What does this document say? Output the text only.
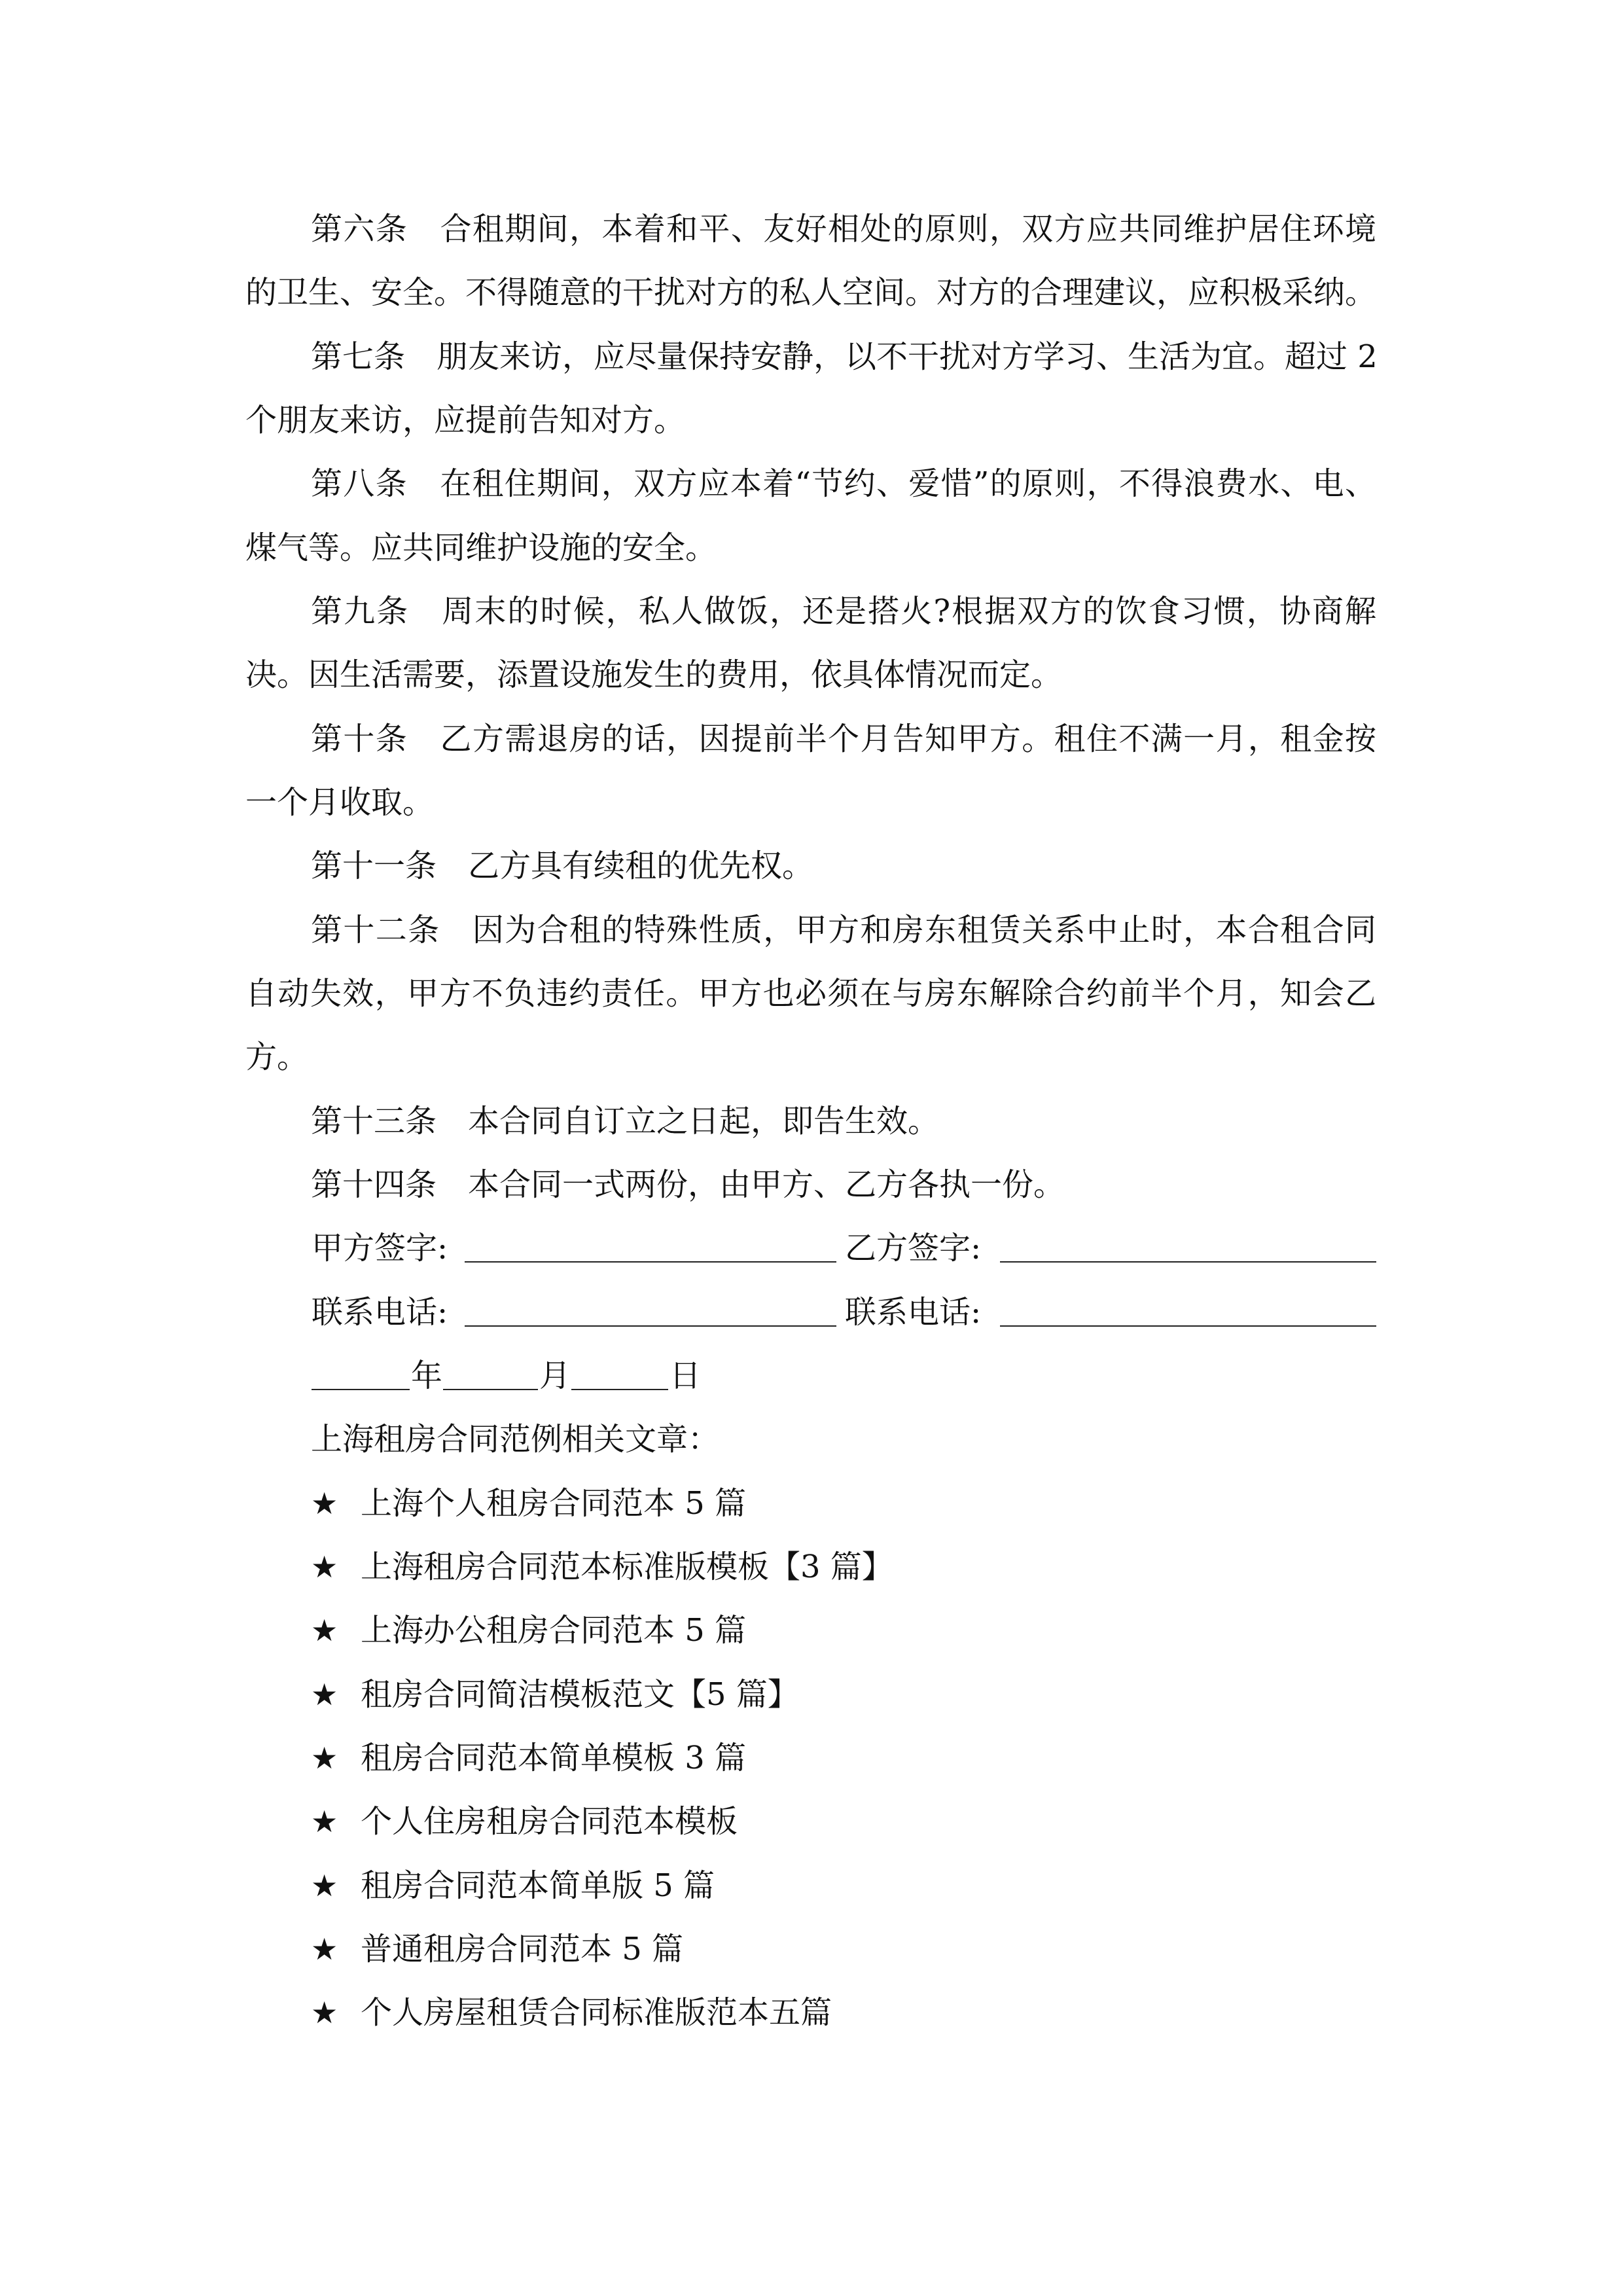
第六条　合租期间，本着和平、友好相处的原则，双方应共同维护居住环境
的卫生、安全。不得随意的干扰对方的私人空间。对方的合理建议，应积极采纳。
第七条　朋友来访，应尽量保持安静，以不干扰对方学习、生活为宜。超过 2
个朋友来访，应提前告知对方。
第八条　在租住期间，双方应本着“节约、爱惜”的原则，不得浪费水、电、
煤气等。应共同维护设施的安全。
第九条　周末的时候，私人做饭，还是搭火?根据双方的饮食习惯，协商解
决。因生活需要，添置设施发生的费用，依具体情况而定。
第十条　乙方需退房的话，因提前半个月告知甲方。租住不满一月，租金按
一个月收取。
第十一条　乙方具有续租的优先权。
第十二条　因为合租的特殊性质，甲方和房东租赁关系中止时，本合租合同
自动失效，甲方不负违约责任。甲方也必须在与房东解除合约前半个月，知会乙
方。
第十三条　本合同自订立之日起，即告生效。
第十四条　本合同一式两份，由甲方、乙方各执一份。
甲方签字:	乙方签字:
联系电话:	联系电话:
年	月	日
上海租房合同范例相关文章：
★ 上海个人租房合同范本 5 篇
★ 上海租房合同范本标准版模板【3 篇】
★ 上海办公租房合同范本 5 篇
★ 租房合同简洁模板范文【5 篇】
★ 租房合同范本简单模板 3 篇
★ 个人住房租房合同范本模板
★ 租房合同范本简单版 5 篇
★ 普通租房合同范本 5 篇
★ 个人房屋租赁合同标准版范本五篇
